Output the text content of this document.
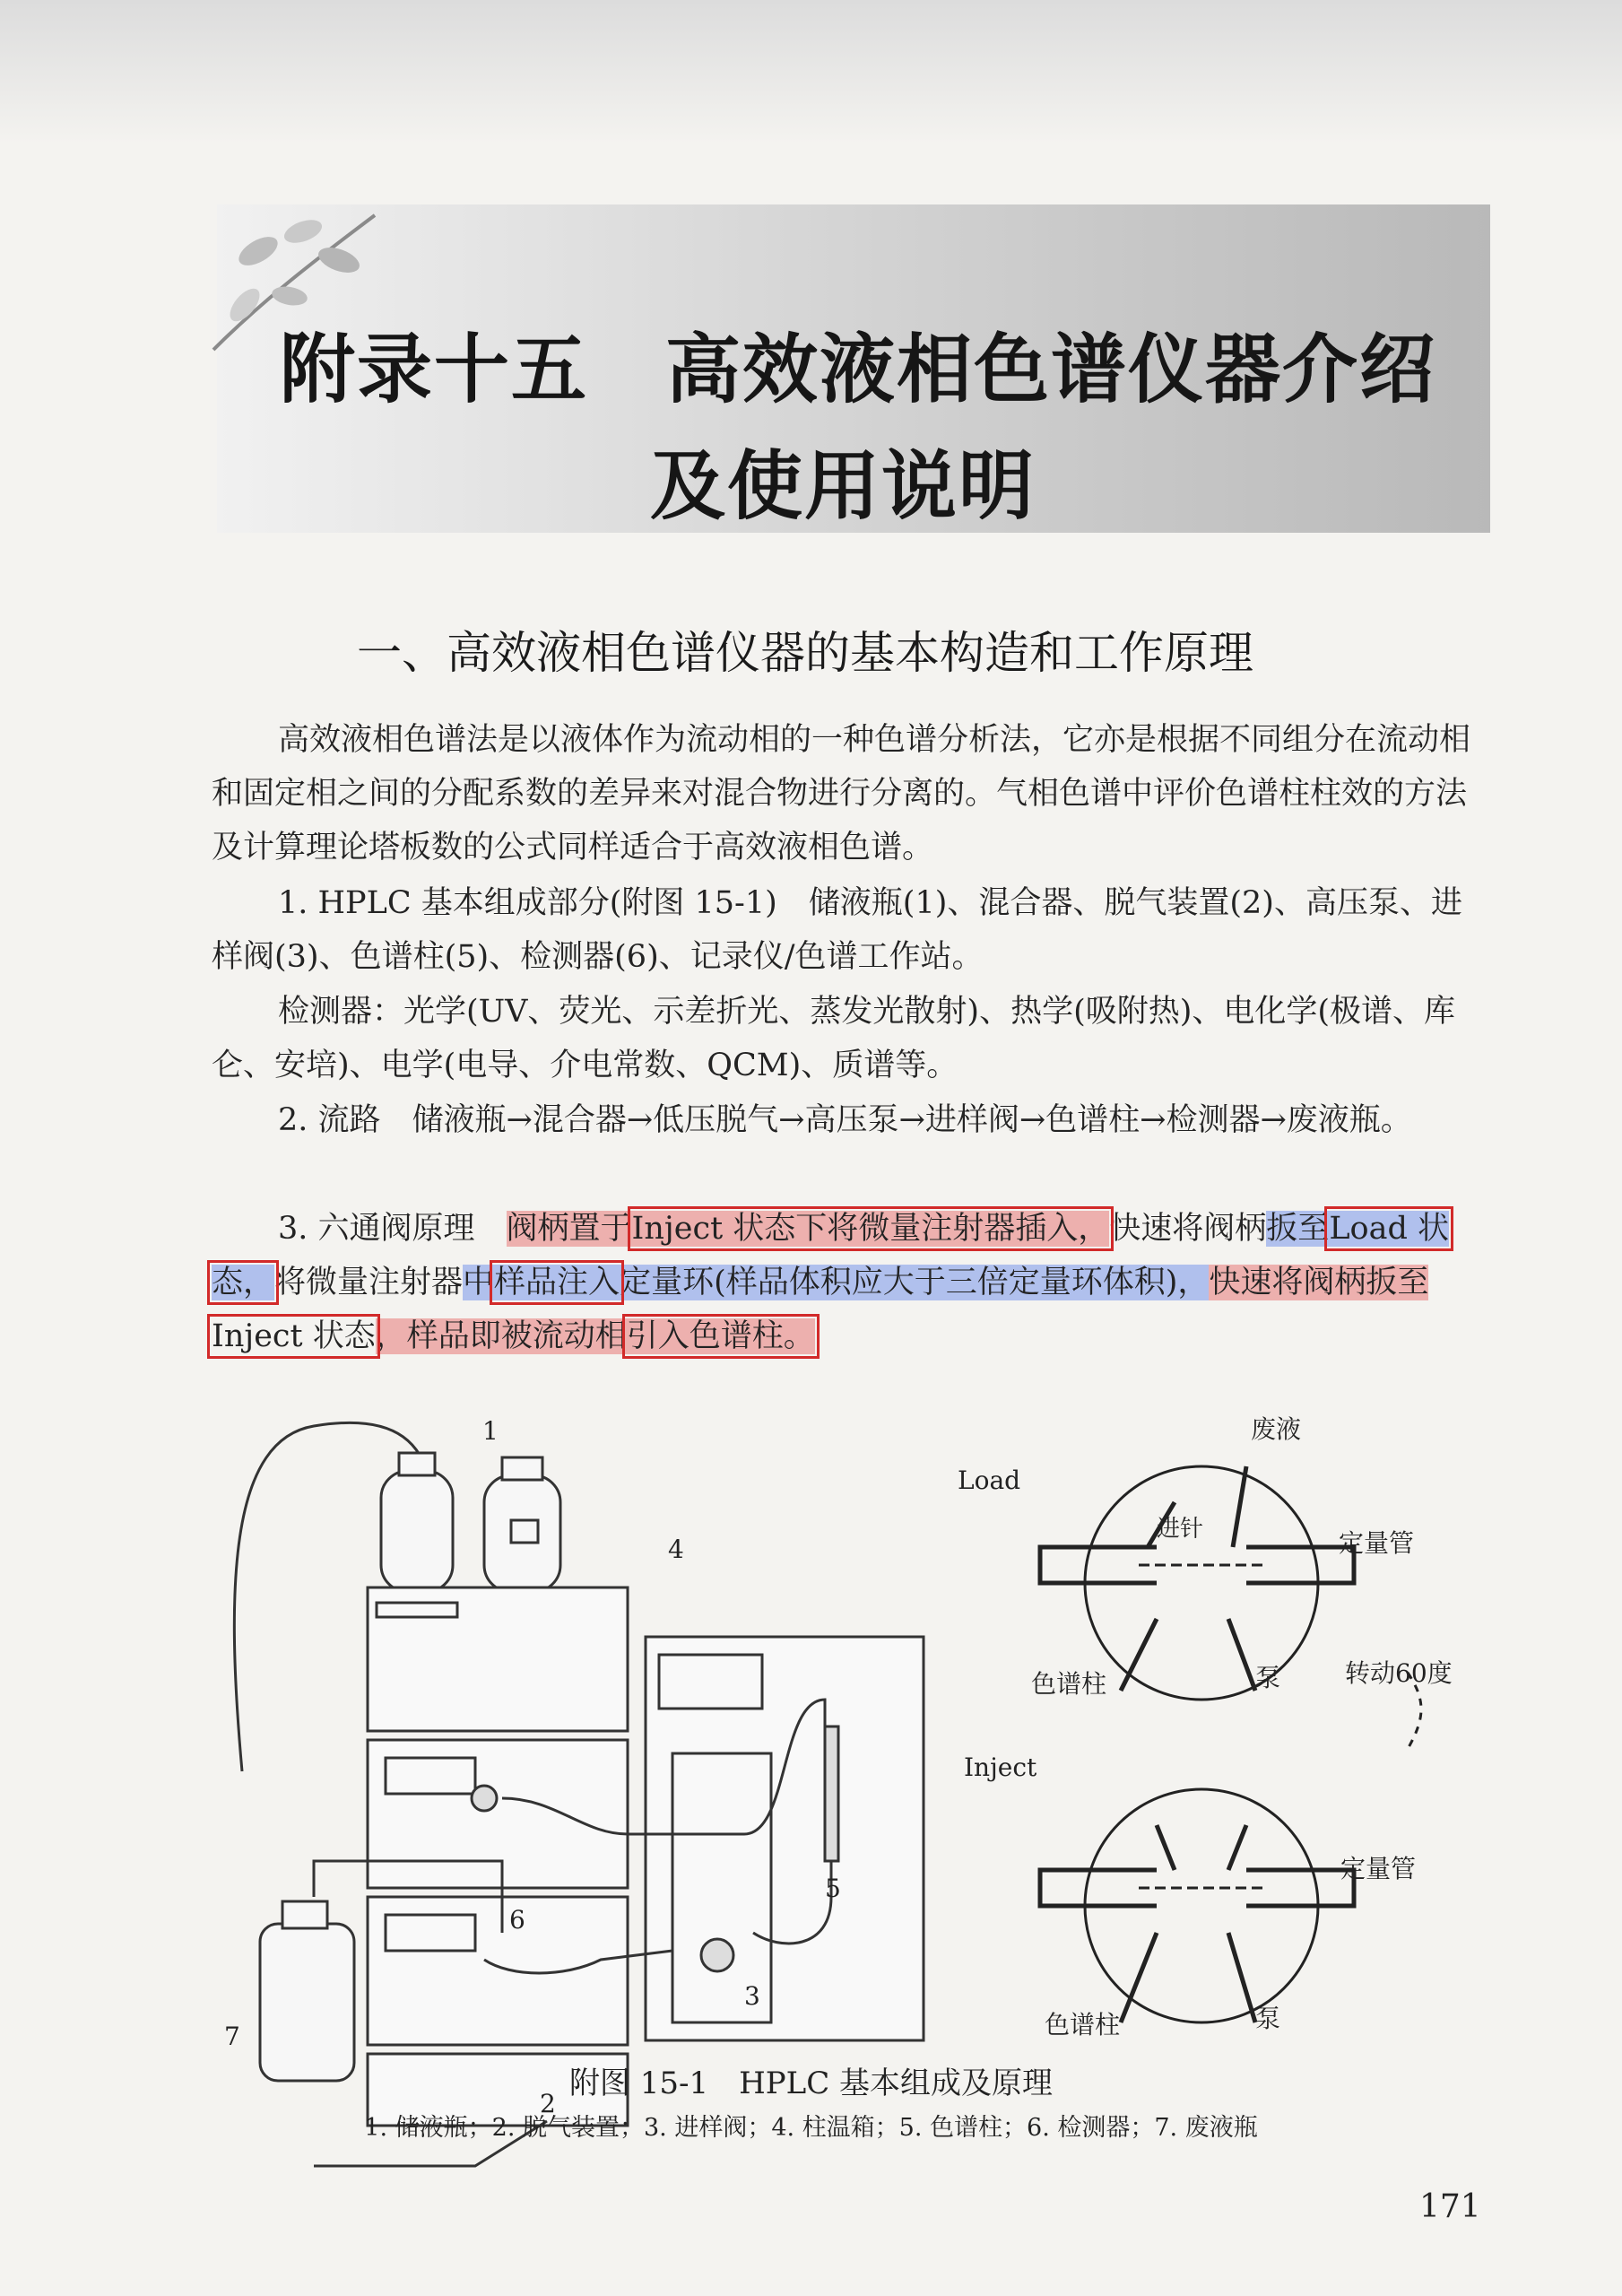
附录十五　高效液相色谱仪器介绍
及使用说明
一、高效液相色谱仪器的基本构造和工作原理

高效液相色谱法是以液体作为流动相的一种色谱分析法，它亦是根据不同组分在流动相和固定相之间的分配系数的差异来对混合物进行分离的。气相色谱中评价色谱柱柱效的方法及计算理论塔板数的公式同样适合于高效液相色谱。

1. HPLC 基本组成部分(附图 15-1)　储液瓶(1)、混合器、脱气装置(2)、高压泵、进样阀(3)、色谱柱(5)、检测器(6)、记录仪/色谱工作站。

检测器：光学(UV、荧光、示差折光、蒸发光散射)、热学(吸附热)、电化学(极谱、库仑、安培)、电学(电导、介电常数、QCM)、质谱等。

2. 流路　储液瓶→混合器→低压脱气→高压泵→进样阀→色谱柱→检测器→废液瓶。

3. 六通阀原理　阀柄置于Inject 状态下将微量注射器插入，快速将阀柄扳至Load 状态，将微量注射器中样品注入定量环(样品体积应大于三倍定量环体积)，快速将阀柄扳至Inject 状态，样品即被流动相引入色谱柱。

1
2
3
4
5
6
7
Load
废液
进针	定量管
色谱柱	泵	转动60度
Inject
定量管
色谱柱	泵
附图 15-1　HPLC 基本组成及原理
1. 储液瓶；2. 脱气装置；3. 进样阀；4. 柱温箱；5. 色谱柱；6. 检测器；7. 废液瓶
171
